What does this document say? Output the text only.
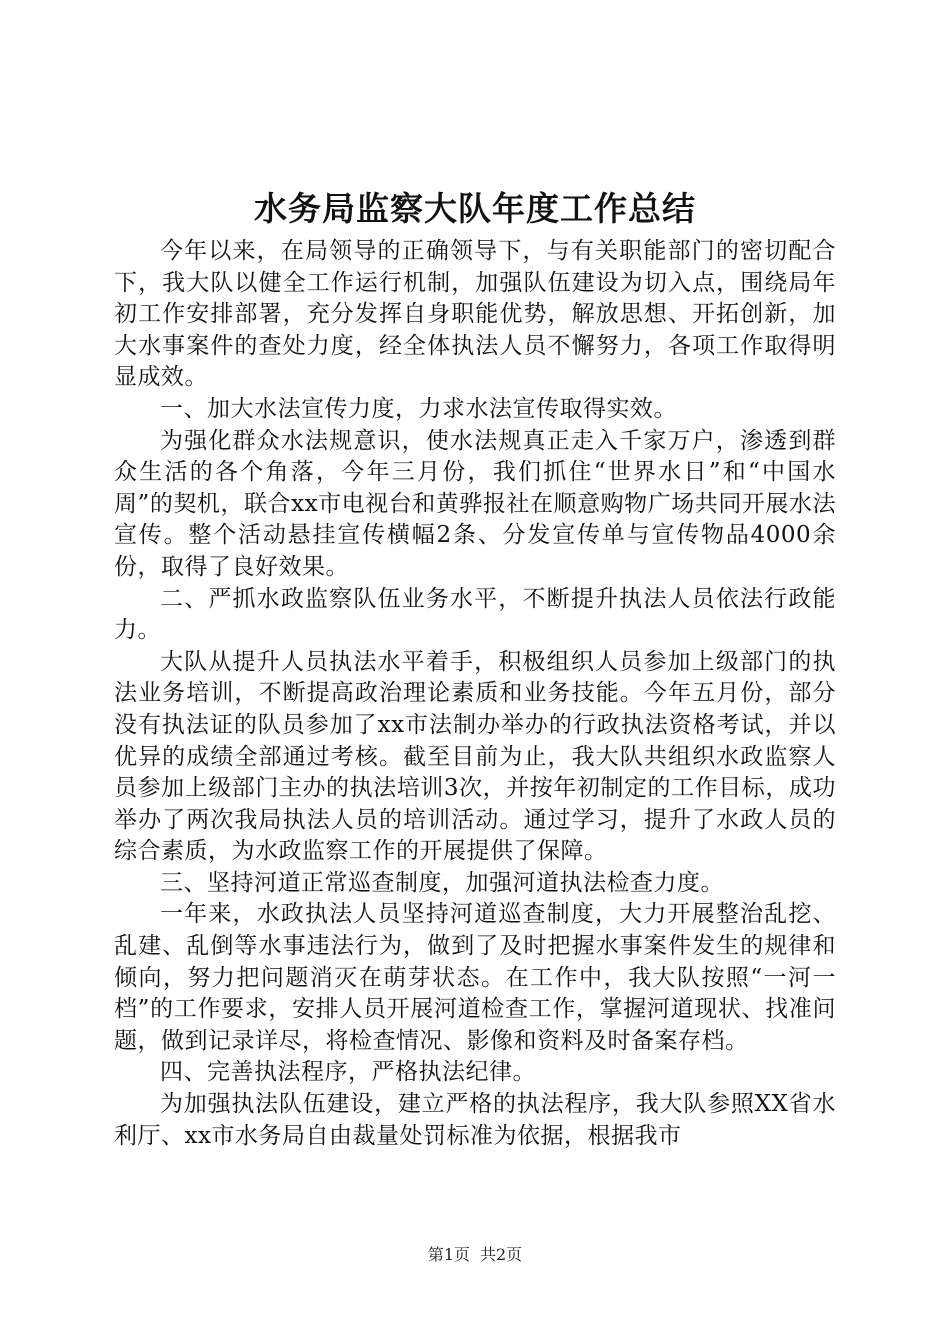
水务局监察大队年度工作总结

今年以来，在局领导的正确领导下，与有关职能部门的密切配合下，我大队以健全工作运行机制，加强队伍建设为切入点，围绕局年初工作安排部署，充分发挥自身职能优势，解放思想、开拓创新，加大水事案件的查处力度，经全体执法人员不懈努力，各项工作取得明显成效。

一、加大水法宣传力度，力求水法宣传取得实效。

为强化群众水法规意识，使水法规真正走入千家万户，渗透到群众生活的各个角落，今年三月份，我们抓住“世界水日”和“中国水周”的契机，联合xx市电视台和黄骅报社在顺意购物广场共同开展水法宣传。整个活动悬挂宣传横幅2条、分发宣传单与宣传物品4000余份，取得了良好效果。

二、严抓水政监察队伍业务水平，不断提升执法人员依法行政能力。

大队从提升人员执法水平着手，积极组织人员参加上级部门的执法业务培训，不断提高政治理论素质和业务技能。今年五月份，部分没有执法证的队员参加了xx市法制办举办的行政执法资格考试，并以优异的成绩全部通过考核。截至目前为止，我大队共组织水政监察人员参加上级部门主办的执法培训3次，并按年初制定的工作目标，成功举办了两次我局执法人员的培训活动。通过学习，提升了水政人员的综合素质，为水政监察工作的开展提供了保障。

三、坚持河道正常巡查制度，加强河道执法检查力度。

一年来，水政执法人员坚持河道巡查制度，大力开展整治乱挖、乱建、乱倒等水事违法行为，做到了及时把握水事案件发生的规律和倾向，努力把问题消灭在萌芽状态。在工作中，我大队按照“一河一档”的工作要求，安排人员开展河道检查工作，掌握河道现状、找准问题，做到记录详尽，将检查情况、影像和资料及时备案存档。

四、完善执法程序，严格执法纪律。

为加强执法队伍建设，建立严格的执法程序，我大队参照XX省水利厅、xx市水务局自由裁量处罚标准为依据，根据我市

第1页 共2页
